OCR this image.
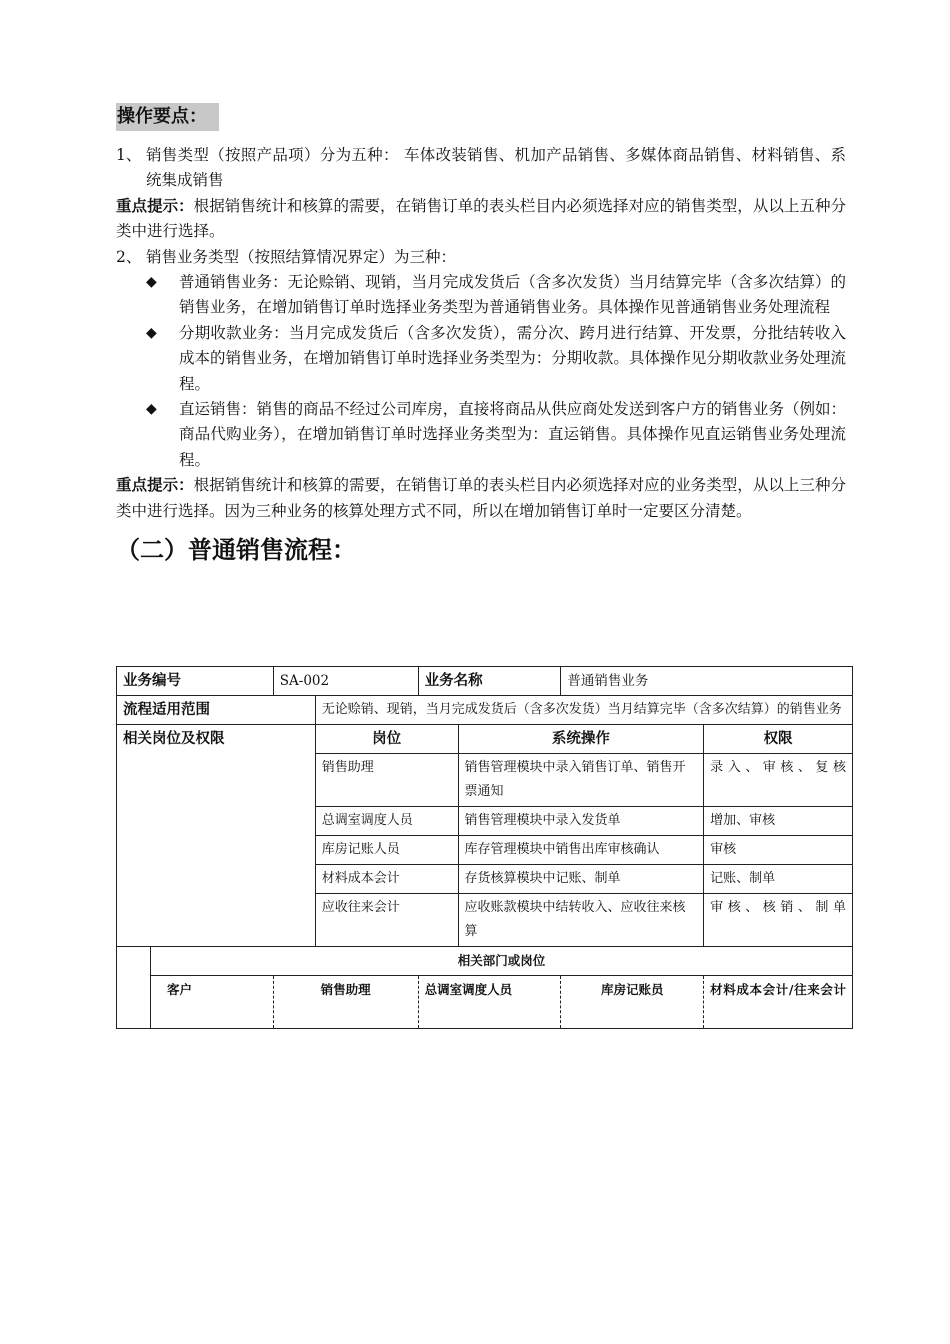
操作要点：
1、 销售类型（按照产品项）分为五种： 车体改装销售、机加产品销售、多媒体商品销售、材料销售、系统集成销售

重点提示：根据销售统计和核算的需要，在销售订单的表头栏目内必须选择对应的销售类型，从以上五种分类中进行选择。

2、 销售业务类型（按照结算情况界定）为三种：
◆	普通销售业务：无论赊销、现销，当月完成发货后（含多次发货）当月结算完毕（含多次结算）的销售业务，在增加销售订单时选择业务类型为普通销售业务。具体操作见普通销售业务处理流程
◆	分期收款业务：当月完成发货后（含多次发货），需分次、跨月进行结算、开发票，分批结转收入成本的销售业务，在增加销售订单时选择业务类型为：分期收款。具体操作见分期收款业务处理流程。
◆	直运销售：销售的商品不经过公司库房，直接将商品从供应商处发送到客户方的销售业务（例如：商品代购业务），在增加销售订单时选择业务类型为：直运销售。具体操作见直运销售业务处理流程。

重点提示：根据销售统计和核算的需要，在销售订单的表头栏目内必须选择对应的业务类型，从以上三种分类中进行选择。因为三种业务的核算处理方式不同，所以在增加销售订单时一定要区分清楚。

（二）普通销售流程：
业务编号		SA-002		业务名称		普通销售业务	
流程适用范围			无论赊销、现销，当月完成发货后（含多次发货）当月结算完毕（含多次结算）的销售业务				
相关岗位及权限			岗位		系统操作		权限
			销售助理		销售管理模块中录入销售订单、销售开票通知		录入、审核、复核
			总调室调度人员		销售管理模块中录入发货单		增加、审核
			库房记账人员		库存管理模块中销售出库审核确认		审核
			材料成本会计		存货核算模块中记账、制单		记账、制单
			应收往来会计		应收账款模块中结转收入、应收往来核算		审核、核销、制单
	相关部门或岗位						
	客户	销售助理		总调室调度人员		库房记账员	材料成本会计/往来会计
